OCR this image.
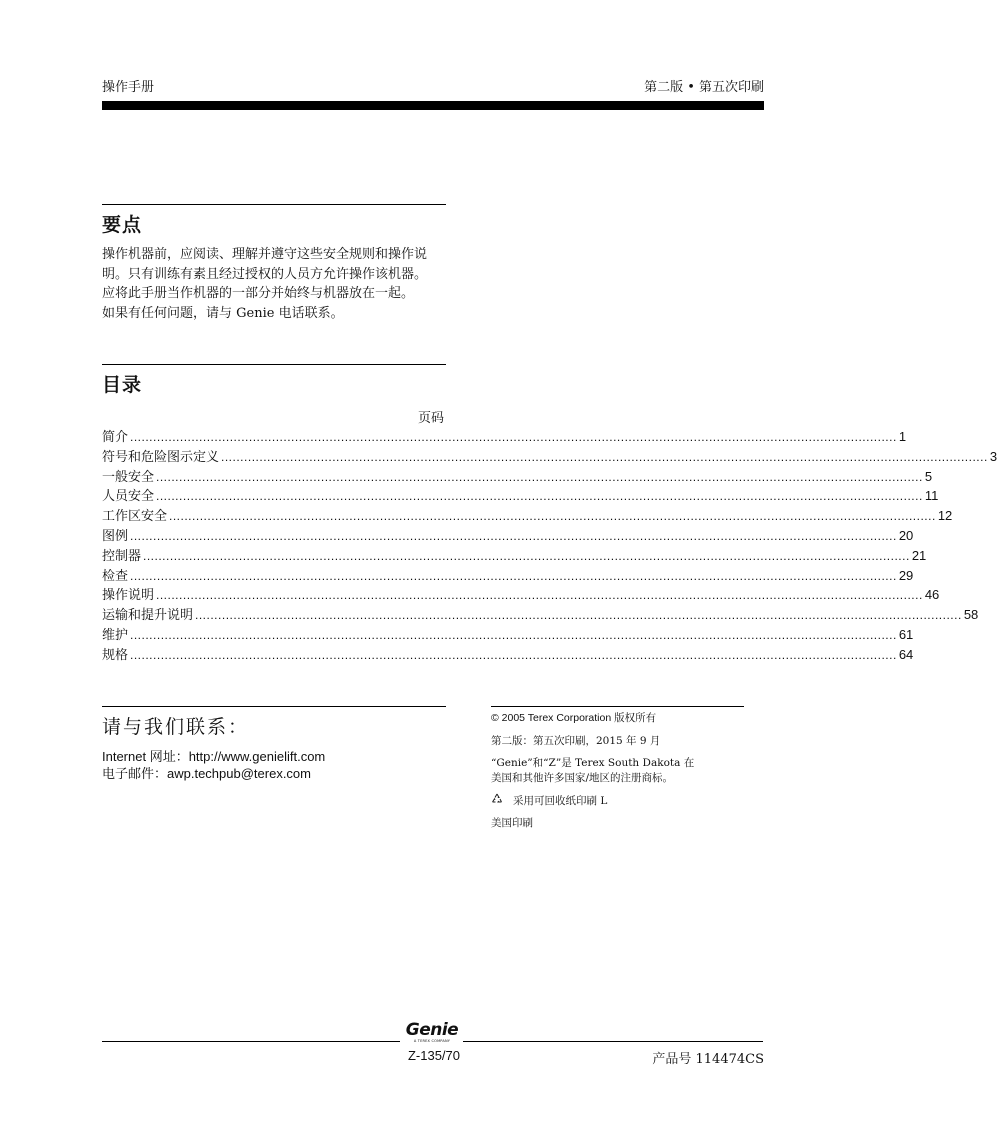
操作手册	第二版 • 第五次印刷
要点
操作机器前，应阅读、理解并遵守这些安全规则和操作说
明。只有训练有素且经过授权的人员方允许操作该机器。
应将此手册当作机器的一部分并始终与机器放在一起。
如果有任何问题，请与 Genie 电话联系。
目录
页码
简介 ........................................................................................................................................................................................................ 1
符号和危险图示定义 ........................................................................................................................................................................................................ 3
一般安全 ........................................................................................................................................................................................................ 5
人员安全 ........................................................................................................................................................................................................ 11
工作区安全 ........................................................................................................................................................................................................ 12
图例 ........................................................................................................................................................................................................ 20
控制器 ........................................................................................................................................................................................................ 21
检查 ........................................................................................................................................................................................................ 29
操作说明 ........................................................................................................................................................................................................ 46
运输和提升说明 ........................................................................................................................................................................................................ 58
维护 ........................................................................................................................................................................................................ 61
规格 ........................................................................................................................................................................................................ 64
请与我们联系：
Internet 网址：http://www.genielift.com
电子邮件：awp.techpub@terex.com
© 2005 Terex Corporation 版权所有
第二版：第五次印刷，2015 年 9 月
“Genie”和“Z”是 Terex South Dakota 在
美国和其他许多国家/地区的注册商标。
采用可回收纸印刷 L
美国印刷
Genie
A TEREX COMPANY
Z-135/70	产品号 114474CS
